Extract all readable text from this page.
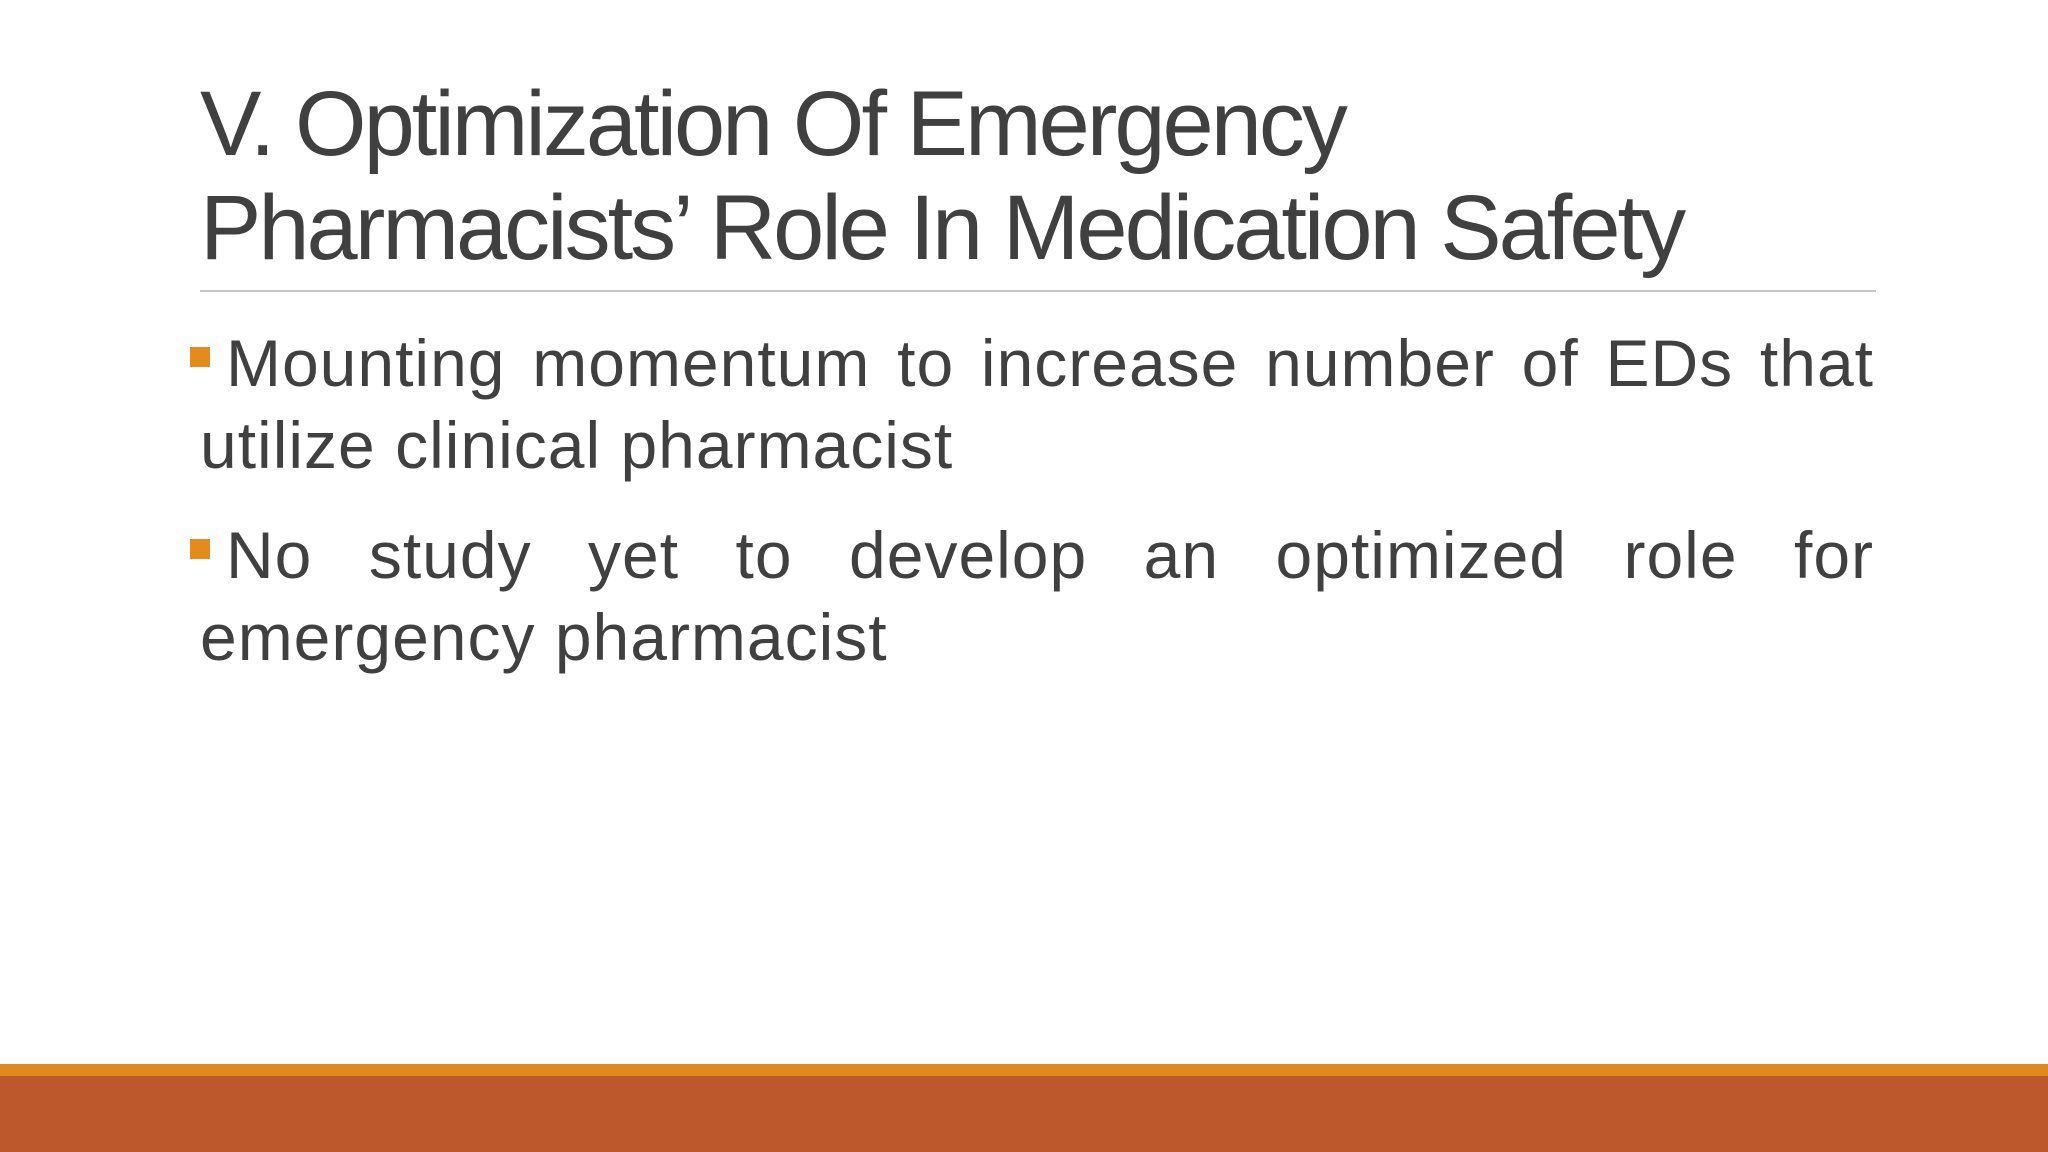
V. Optimization Of Emergency
Pharmacists’ Role In Medication Safety
Mounting momentum to increase number of EDs that utilize clinical pharmacist
No study yet to develop an optimized role for emergency pharmacist
